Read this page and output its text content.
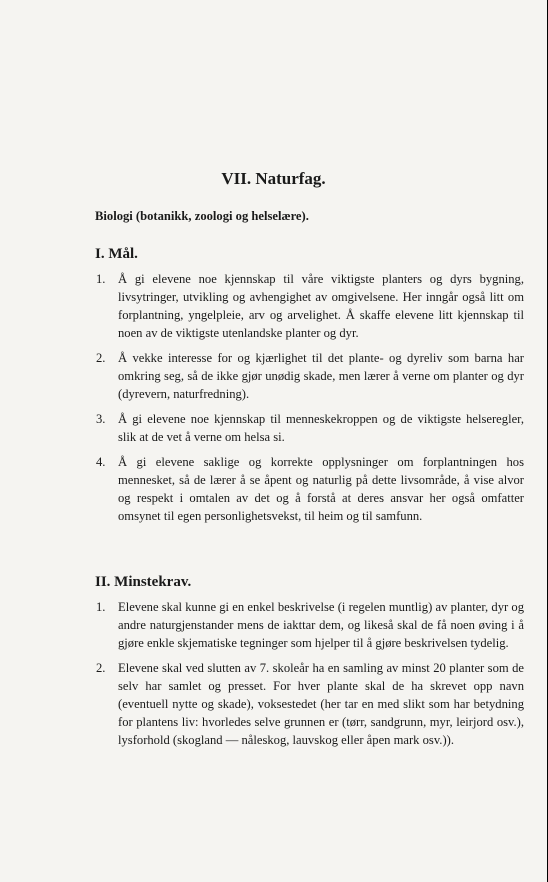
VII. Naturfag.
Biologi (botanikk, zoologi og helselære).
I. Mål.
1. Å gi elevene noe kjennskap til våre viktigste planters og dyrs bygning, livsytringer, utvikling og avhengighet av omgivelsene. Her inngår også litt om forplantning, yngelpleie, arv og arvelighet. Å skaffe elevene litt kjennskap til noen av de viktigste utenlandske planter og dyr.
2. Å vekke interesse for og kjærlighet til det plante- og dyreliv som barna har omkring seg, så de ikke gjør unødig skade, men lærer å verne om planter og dyr (dyrevern, naturfredning).
3. Å gi elevene noe kjennskap til menneskekroppen og de viktigste helseregler, slik at de vet å verne om helsa si.
4. Å gi elevene saklige og korrekte opplysninger om forplantningen hos mennesket, så de lærer å se åpent og naturlig på dette livsområde, å vise alvor og respekt i omtalen av det og å forstå at deres ansvar her også omfatter omsynet til egen personlighetsvekst, til heim og til samfunn.
II. Minstekrav.
1. Elevene skal kunne gi en enkel beskrivelse (i regelen muntlig) av planter, dyr og andre naturgjenstander mens de iakttar dem, og likeså skal de få noen øving i å gjøre enkle skjematiske tegninger som hjelper til å gjøre beskrivelsen tydelig.
2. Elevene skal ved slutten av 7. skoleår ha en samling av minst 20 planter som de selv har samlet og presset. For hver plante skal de ha skrevet opp navn (eventuell nytte og skade), voksestedet (her tar en med slikt som har betydning for plantens liv: hvorledes selve grunnen er (tørr, sandgrunn, myr, leirjord osv.), lysforhold (skogland — nåleskog, lauvskog eller åpen mark osv.)).
